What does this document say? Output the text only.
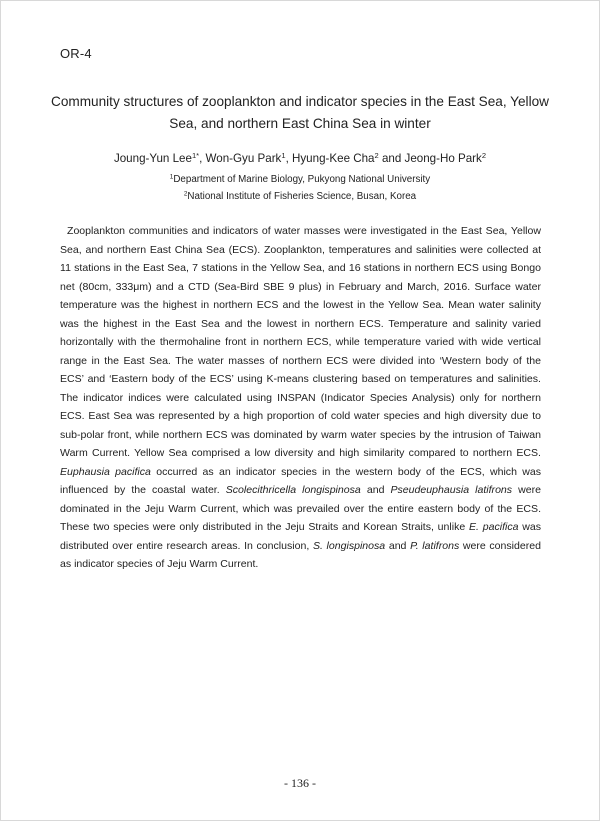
OR-4
Community structures of zooplankton and indicator species in the East Sea, Yellow
Sea, and northern East China Sea in winter
Joung-Yun Lee$^{1*}$, Won-Gyu Park$^1$, Hyung-Kee Cha$^2$ and Jeong-Ho Park$^2$
$^1$Department of Marine Biology, Pukyong National University
$^2$National Institute of Fisheries Science, Busan, Korea
Zooplankton communities and indicators of water masses were investigated in the East Sea, Yellow
Sea, and northern East China Sea (ECS). Zooplankton, temperatures and salinities were collected at
11 stations in the East Sea, 7 stations in the Yellow Sea, and 16 stations in northern ECS using Bongo
net (80cm, 333μm) and a CTD (Sea-Bird SBE 9 plus) in February and March, 2016. Surface water
temperature was the highest in northern ECS and the lowest in the Yellow Sea. Mean water salinity
was the highest in the East Sea and the lowest in northern ECS. Temperature and salinity varied
horizontally with the thermohaline front in northern ECS, while temperature varied with wide vertical
range in the East Sea. The water masses of northern ECS were divided into ‘Western body of the
ECS’ and ‘Eastern body of the ECS’ using K-means clustering based on temperatures and salinities.
The indicator indices were calculated using INSPAN (Indicator Species Analysis) only for northern
ECS. East Sea was represented by a high proportion of cold water species and high diversity due to
sub-polar front, while northern ECS was dominated by warm water species by the intrusion of Taiwan
Warm Current. Yellow Sea comprised a low diversity and high similarity compared to northern ECS.
Euphausia pacifica occurred as an indicator species in the western body of the ECS, which was
influenced by the coastal water. Scolecithricella longispinosa and Pseudeuphausia latifrons were
dominated in the Jeju Warm Current, which was prevailed over the entire eastern body of the ECS.
These two species were only distributed in the Jeju Straits and Korean Straits, unlike E. pacifica was
distributed over entire research areas. In conclusion, S. longispinosa and P. latifrons were considered
as indicator species of Jeju Warm Current.
- 136 -
